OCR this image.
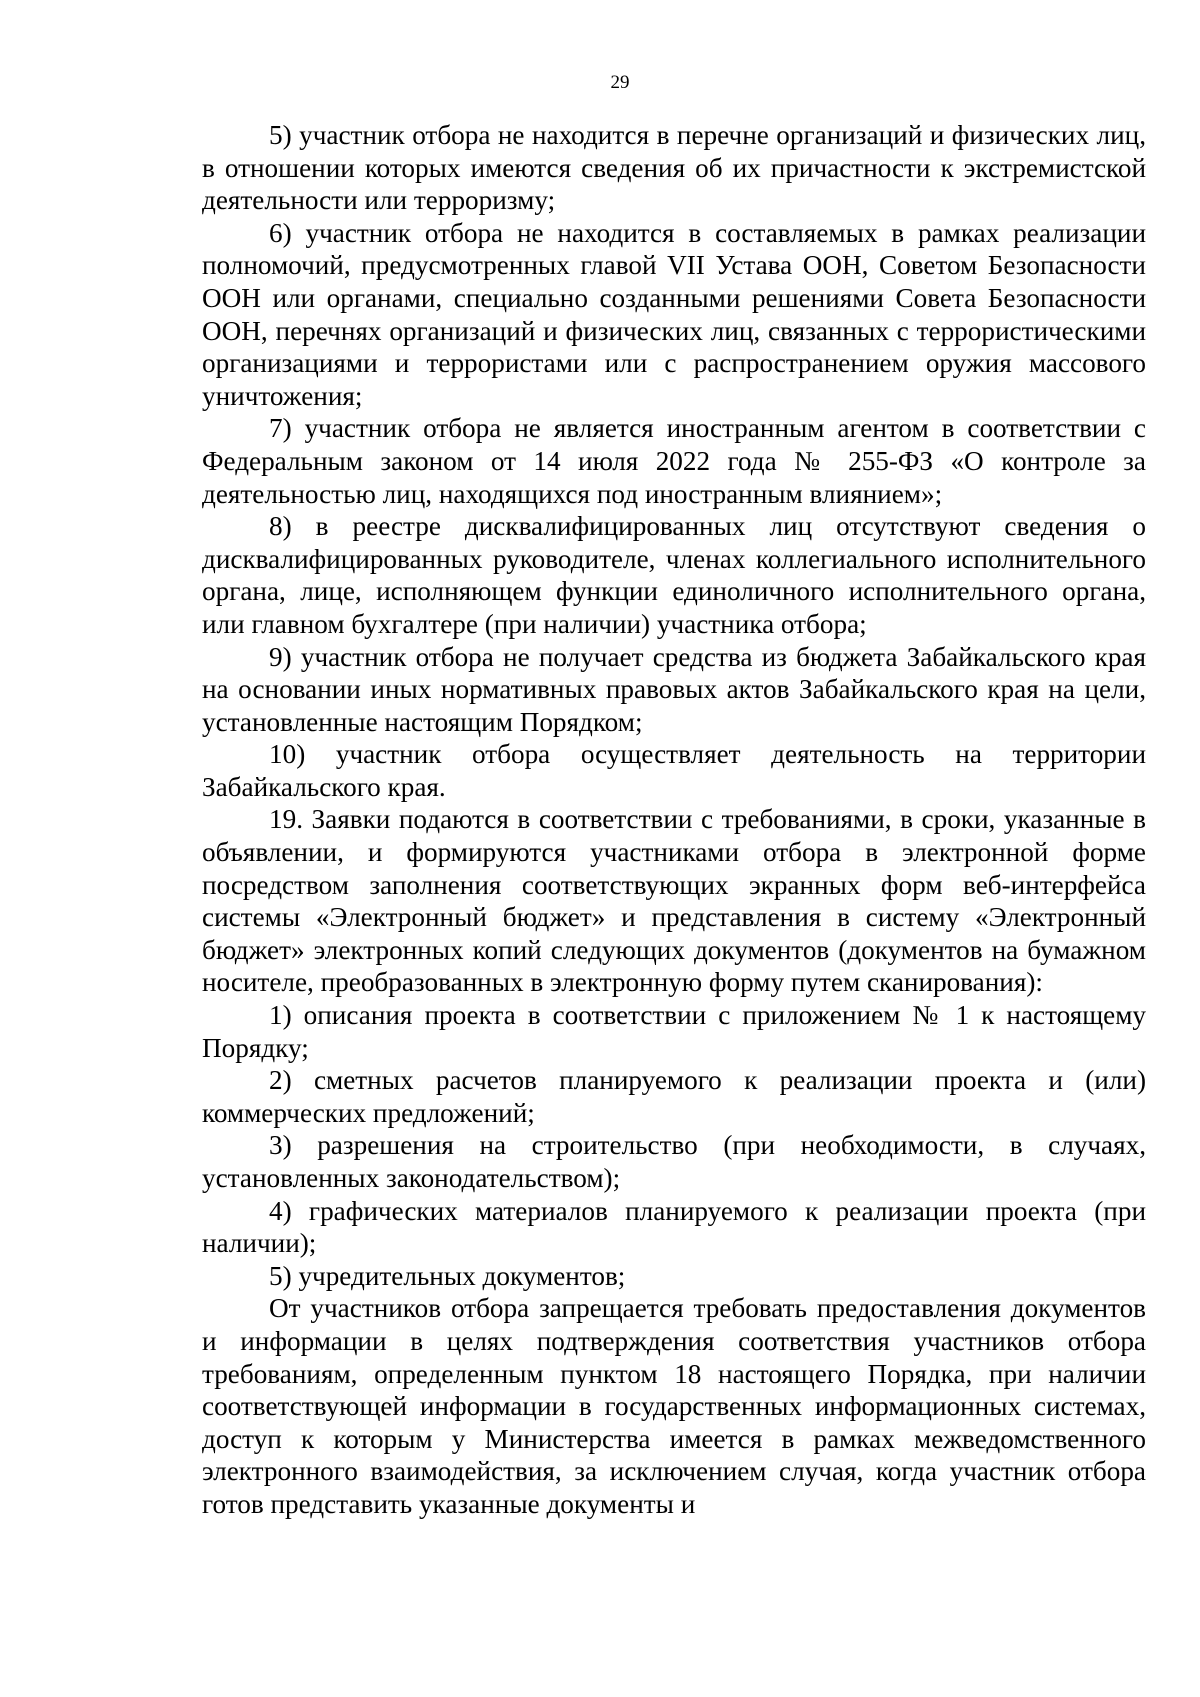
29

5) участник отбора не находится в перечне организаций и физических лиц, в отношении которых имеются сведения об их причастности к экстремистской деятельности или терроризму;

6) участник отбора не находится в составляемых в рамках реализации полномочий, предусмотренных главой VII Устава ООН, Советом Безопасности ООН или органами, специально созданными решениями Совета Безопасности ООН, перечнях организаций и физических лиц, связанных с террористическими организациями и террористами или с распространением оружия массового уничтожения;

7) участник отбора не является иностранным агентом в соответствии с Федеральным законом от 14 июля 2022 года № 255-ФЗ «О контроле за деятельностью лиц, находящихся под иностранным влиянием»;

8) в реестре дисквалифицированных лиц отсутствуют сведения о дисквалифицированных руководителе, членах коллегиального исполнительного органа, лице, исполняющем функции единоличного исполнительного органа, или главном бухгалтере (при наличии) участника отбора;

9) участник отбора не получает средства из бюджета Забайкальского края на основании иных нормативных правовых актов Забайкальского края на цели, установленные настоящим Порядком;

10) участник отбора осуществляет деятельность на территории Забайкальского края.

19. Заявки подаются в соответствии с требованиями, в сроки, указанные в объявлении, и формируются участниками отбора в электронной форме посредством заполнения соответствующих экранных форм веб-интерфейса системы «Электронный бюджет» и представления в систему «Электронный бюджет» электронных копий следующих документов (документов на бумажном носителе, преобразованных в электронную форму путем сканирования):

1) описания проекта в соответствии с приложением № 1 к настоящему Порядку;

2) сметных расчетов планируемого к реализации проекта и (или) коммерческих предложений;

3) разрешения на строительство (при необходимости, в случаях, установленных законодательством);

4) графических материалов планируемого к реализации проекта (при наличии);

5) учредительных документов;

От участников отбора запрещается требовать предоставления документов и информации в целях подтверждения соответствия участников отбора требованиям, определенным пунктом 18 настоящего Порядка, при наличии соответствующей информации в государственных информационных системах, доступ к которым у Министерства имеется в рамках межведомственного электронного взаимодействия, за исключением случая, когда участник отбора готов представить указанные документы и
